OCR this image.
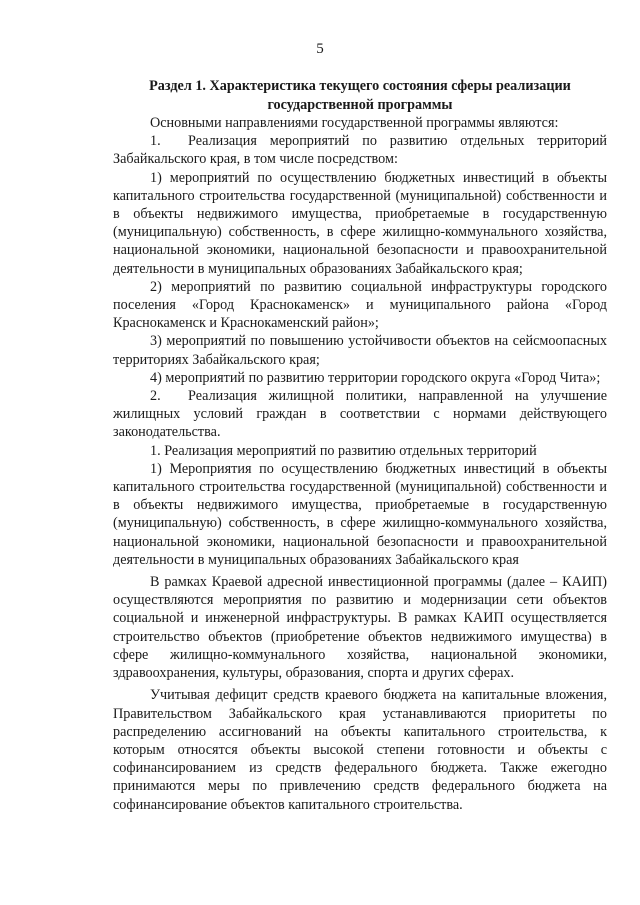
5
Раздел 1. Характеристика текущего состояния сферы реализации государственной программы

Основными направлениями государственной программы являются:

1. Реализация мероприятий по развитию отдельных территорий Забайкальского края, в том числе посредством:

1) мероприятий по осуществлению бюджетных инвестиций в объекты капитального строительства государственной (муниципальной) собственности и в объекты недвижимого имущества, приобретаемые в государственную (муниципальную) собственность, в сфере жилищно-коммунального хозяйства, национальной экономики, национальной безопасности и правоохранительной деятельности в муниципальных образованиях Забайкальского края;

2) мероприятий по развитию социальной инфраструктуры городского поселения «Город Краснокаменск» и муниципального района «Город Краснокаменск и Краснокаменский район»;

3) мероприятий по повышению устойчивости объектов на сейсмоопасных территориях Забайкальского края;

4) мероприятий по развитию территории городского округа «Город Чита»;

2. Реализация жилищной политики, направленной на улучшение жилищных условий граждан в соответствии с нормами действующего законодательства.

1. Реализация мероприятий по развитию отдельных территорий

1) Мероприятия по осуществлению бюджетных инвестиций в объекты капитального строительства государственной (муниципальной) собственности и в объекты недвижимого имущества, приобретаемые в государственную (муниципальную) собственность, в сфере жилищно-коммунального хозяйства, национальной экономики, национальной безопасности и правоохранительной деятельности в муниципальных образованиях Забайкальского края

В рамках Краевой адресной инвестиционной программы (далее – КАИП) осуществляются мероприятия по развитию и модернизации сети объектов социальной и инженерной инфраструктуры. В рамках КАИП осуществляется строительство объектов (приобретение объектов недвижимого имущества) в сфере жилищно-коммунального хозяйства, национальной экономики, здравоохранения, культуры, образования, спорта и других сферах.

Учитывая дефицит средств краевого бюджета на капитальные вложения, Правительством Забайкальского края устанавливаются приоритеты по распределению ассигнований на объекты капитального строительства, к которым относятся объекты высокой степени готовности и объекты с софинансированием из средств федерального бюджета. Также ежегодно принимаются меры по привлечению средств федерального бюджета на софинансирование объектов капитального строительства.
